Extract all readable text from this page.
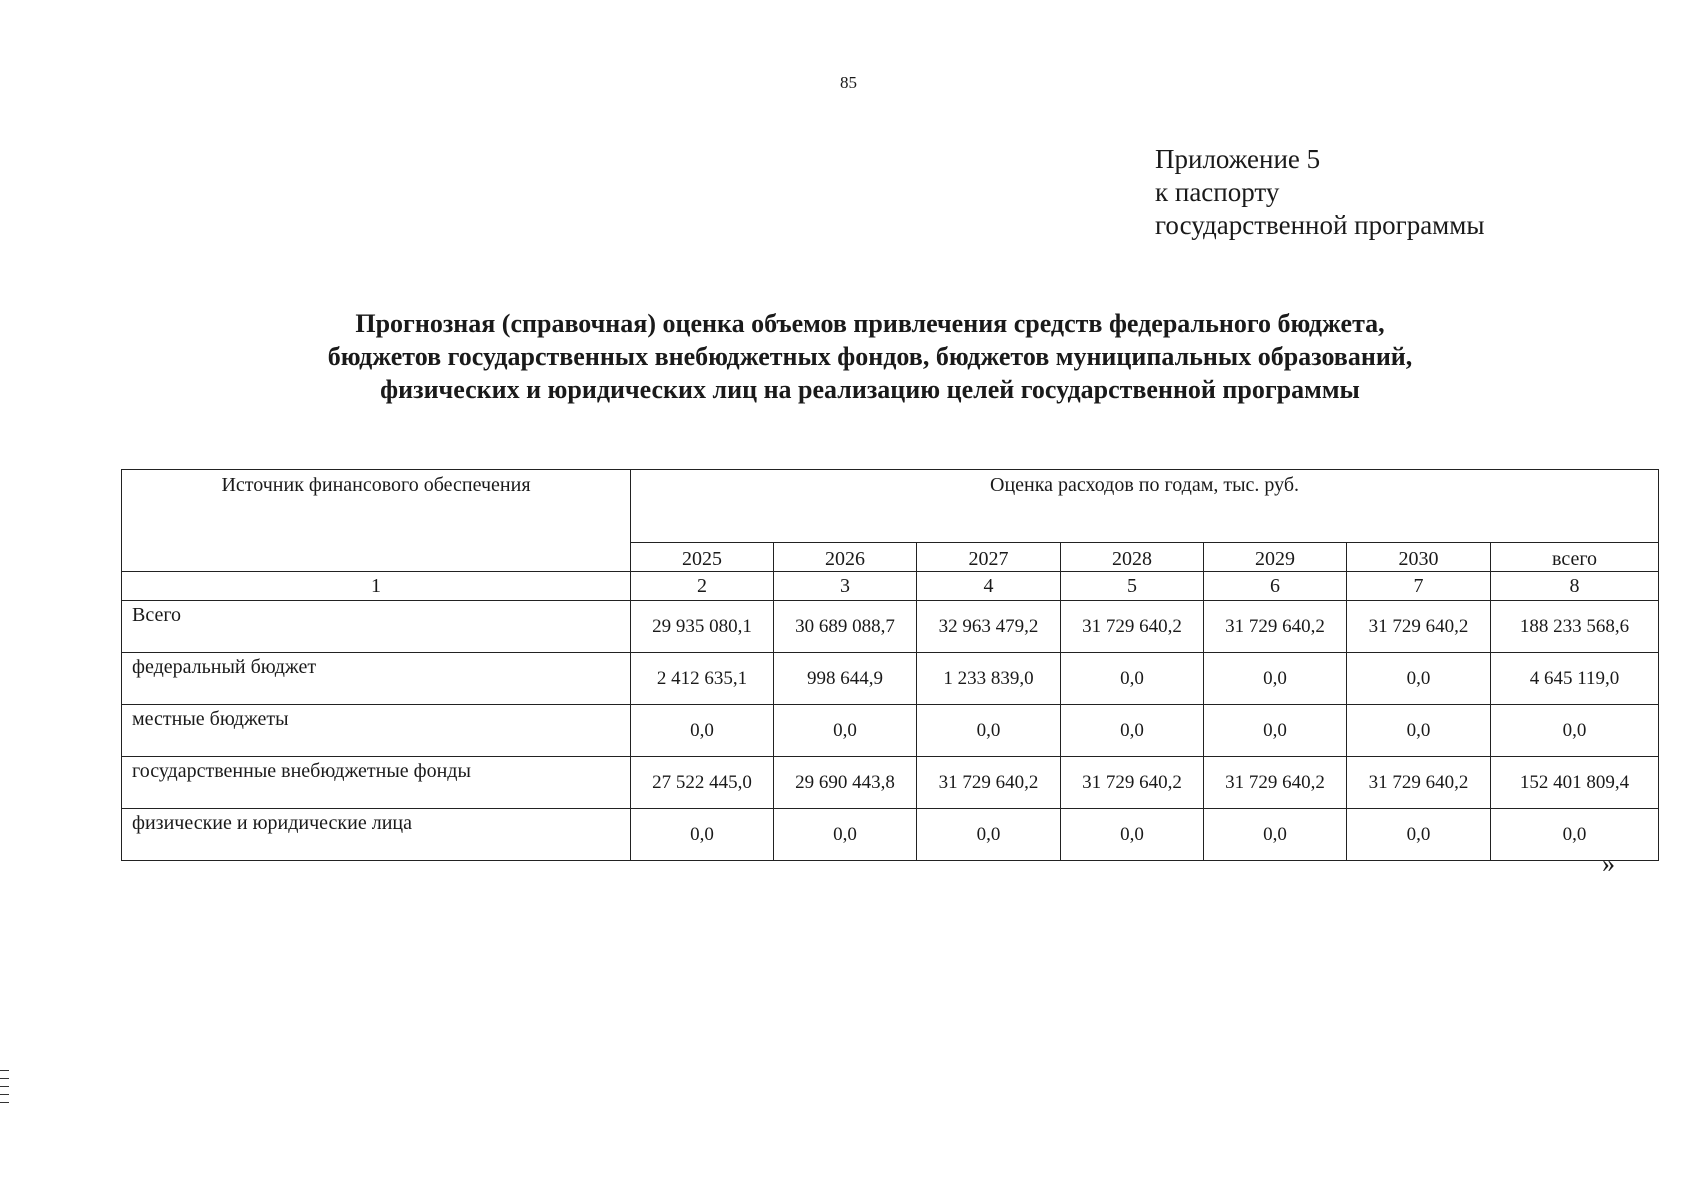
85
Приложение 5
к паспорту
государственной программы
Прогнозная (справочная) оценка объемов привлечения средств федерального бюджета,
бюджетов государственных внебюджетных фондов, бюджетов муниципальных образований,
физических и юридических лиц на реализацию целей государственной программы
Источник финансового обеспечения	Оценка расходов по годам, тыс. руб.						
	2025	2026	2027	2028	2029	2030	всего
1	2	3	4	5	6	7	8
Всего	29 935 080,1	30 689 088,7	32 963 479,2	31 729 640,2	31 729 640,2	31 729 640,2	188 233 568,6
федеральный бюджет	2 412 635,1	998 644,9	1 233 839,0	0,0	0,0	0,0	4 645 119,0
местные бюджеты	0,0	0,0	0,0	0,0	0,0	0,0	0,0
государственные внебюджетные фонды	27 522 445,0	29 690 443,8	31 729 640,2	31 729 640,2	31 729 640,2	31 729 640,2	152 401 809,4
физические и юридические лица	0,0	0,0	0,0	0,0	0,0	0,0	0,0
»
